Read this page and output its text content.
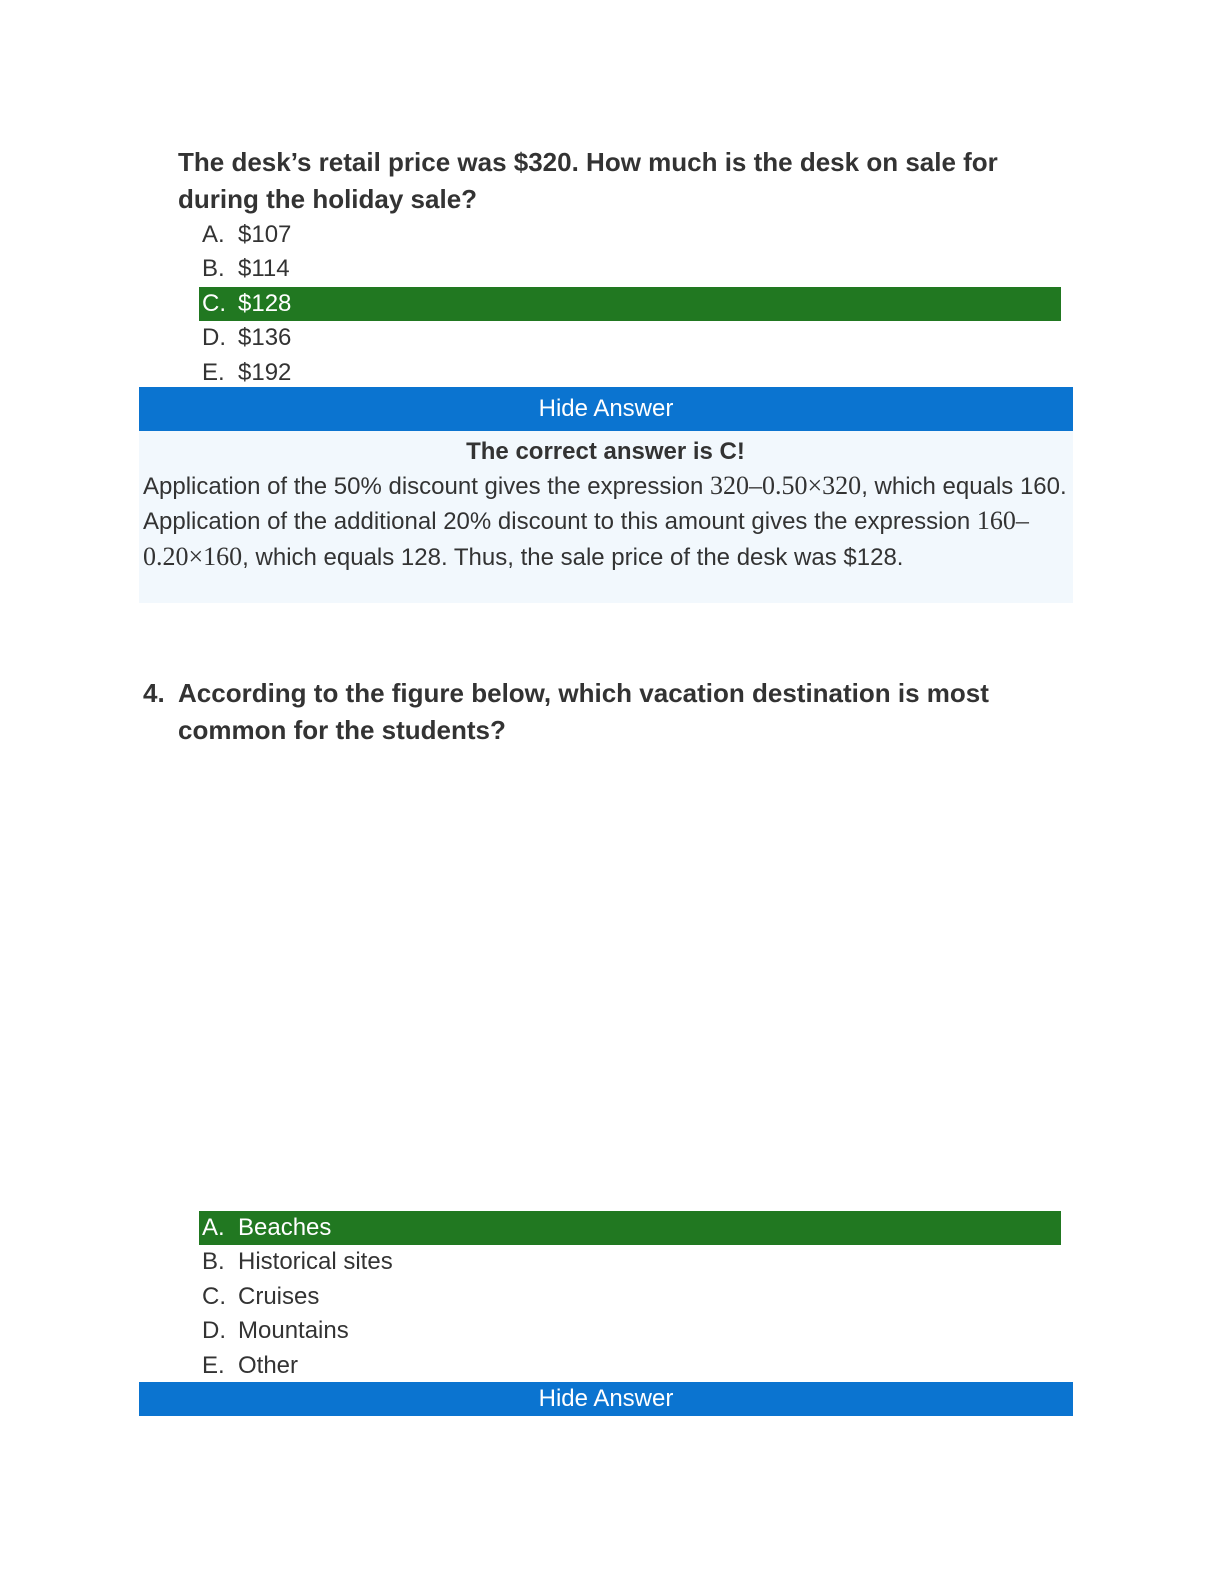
The desk’s retail price was $320. How much is the desk on sale for during the holiday sale?
A. $107
B. $114
C. $128
D. $136
E. $192
Hide Answer
The correct answer is C!
Application of the 50% discount gives the expression 320–0.50×320, which equals 160. Application of the additional 20% discount to this amount gives the expression 160–0.20×160, which equals 128. Thus, the sale price of the desk was $128.
4. According to the figure below, which vacation destination is most common for the students?
A. Beaches
B. Historical sites
C. Cruises
D. Mountains
E. Other
Hide Answer
